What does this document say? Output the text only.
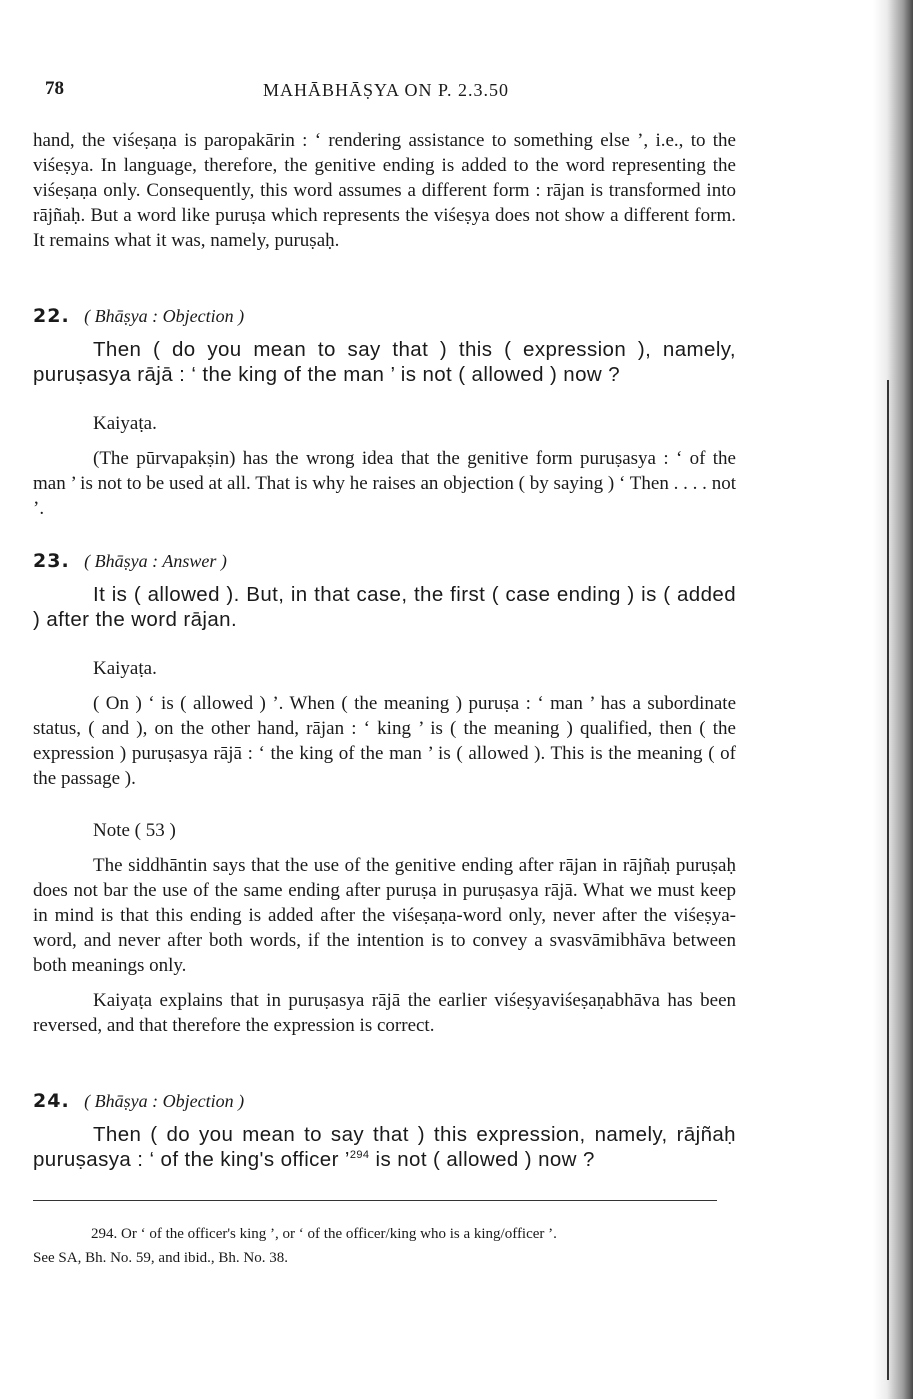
78	MAHĀBHĀṢYA ON P. 2.3.50

hand, the viśeṣaṇa is paropakārin : ‘ rendering assistance to something else ’, i.e., to the viśeṣya. In language, therefore, the genitive ending is added to the word representing the viśeṣaṇa only. Consequently, this word assumes a different form : rājan is transformed into rājñaḥ. But a word like puruṣa which represents the viśeṣya does not show a different form. It remains what it was, namely, puruṣaḥ.

22. ( Bhāṣya : Objection )

Then ( do you mean to say that ) this ( expression ), namely, puruṣasya rājā : ‘ the king of the man ’ is not ( allowed ) now ?

Kaiyaṭa.

(The pūrvapakṣin) has the wrong idea that the genitive form puruṣasya : ‘ of the man ’ is not to be used at all. That is why he raises an objection ( by saying ) ‘ Then . . . . not ’.

23. ( Bhāṣya : Answer )

It is ( allowed ). But, in that case, the first ( case ending ) is ( added ) after the word rājan.

Kaiyaṭa.

( On ) ‘ is ( allowed ) ’. When ( the meaning ) puruṣa : ‘ man ’ has a subordinate status, ( and ), on the other hand, rājan : ‘ king ’ is ( the meaning ) qualified, then ( the expression ) puruṣasya rājā : ‘ the king of the man ’ is ( allowed ). This is the meaning ( of the passage ).

Note ( 53 )

The siddhāntin says that the use of the genitive ending after rājan in rājñaḥ puruṣaḥ does not bar the use of the same ending after puruṣa in puruṣasya rājā. What we must keep in mind is that this ending is added after the viśeṣaṇa-word only, never after the viśeṣya-word, and never after both words, if the intention is to convey a svasvāmibhāva between both meanings only.

Kaiyaṭa explains that in puruṣasya rājā the earlier viśeṣyaviśeṣaṇabhāva has been reversed, and that therefore the expression is correct.

24. ( Bhāṣya : Objection )

Then ( do you mean to say that ) this expression, namely, rājñaḥ puruṣasya : ‘ of the king's officer ’$^{294}$ is not ( allowed ) now ?

294. Or ‘ of the officer's king ’, or ‘ of the officer/king who is a king/officer ’.

See SA, Bh. No. 59, and ibid., Bh. No. 38.
